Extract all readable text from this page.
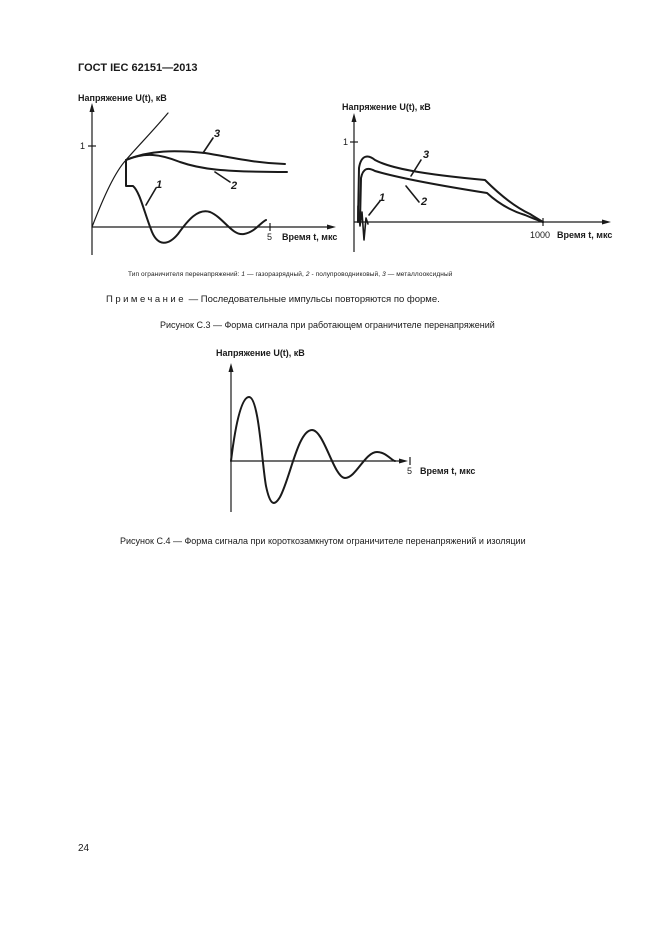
ГОСТ IEC 62151—2013
Напряжение U(t), кВ
1
5 Время t, мкс
1	2
3
Напряжение U(t), кВ
1
1000 Время t, мкс
1	2
3
Напряжение U(t), кВ
5 Время t, мкс
Тип ограничителя перенапряжений: 1 — газоразрядный, 2 - полупроводниковый, 3 — металлооксидный
Примечание — Последовательные импульсы повторяются по форме.
Рисунок С.3 — Форма сигнала при работающем ограничителе перенапряжений
Рисунок С.4 — Форма сигнала при короткозамкнутом ограничителе перенапряжений и изоляции
24
